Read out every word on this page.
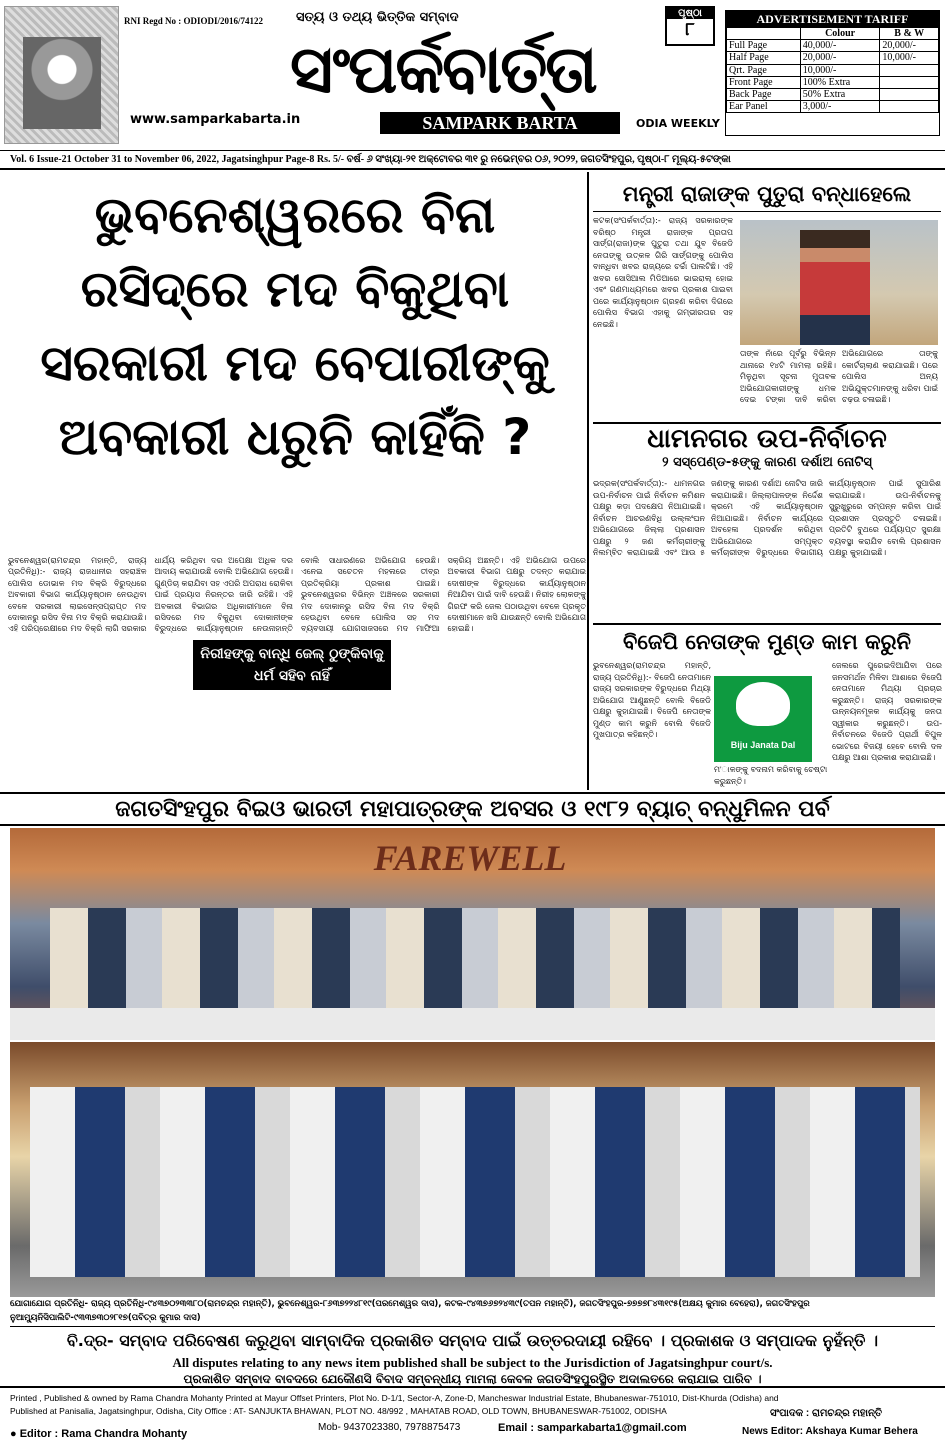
RNI Regd No : ODIODI/2016/74122	ସତ୍ୟ ଓ ତଥ୍ୟ ଭିତ୍ତିକ ସମ୍ବାଦ
ସଂପର୍କବାର୍ତ୍ତା
SAMPARK BARTA	ODIA WEEKLY
www.samparkabarta.in
ପୃଷ୍ଠା
୮	ADVERTISEMENT TARIFF
	Colour	B & W
Full Page	40,000/-	20,000/-
Half Page	20,000/-	10,000/-
Qrt. Page	10,000/-	
Front Page	100% Extra	
Back Page	50% Extra	
Ear Panel	3,000/-	
Vol. 6 Issue-21 October 31 to November 06, 2022, Jagatsinghpur Page-8 Rs. 5/- ବର୍ଷ- ୬ ସଂଖ୍ୟା-୨୧ ଅକ୍ଟୋବର ୩୧ ରୁ ନଭେମ୍ବର ୦୬, ୨୦୨୨, ଜଗତସିଂହପୁର, ପୃଷ୍ଠା-୮ ମୂଲ୍ୟ-୫ଟଙ୍କା
ଭୁବନେଶ୍ୱରରେ ବିନା ରସିଦ୍‌ରେ ମଦ ବିକୁଥିବା ସରକାରୀ ମଦ ବେପାରୀଙ୍କୁ ଅବକାରୀ ଧରୁନି କାହିଁକି ?
ଭୁବନେଶ୍ୱର(ରାମଚନ୍ଦ୍ର ମହାନ୍ତି, ରାଜ୍ୟ ପ୍ରତିନିଧି):- ରାଜ୍ୟ ରାଜଧାନୀର ସହରାଞ୍ଚଳ ପୋଲିସ ଡୋଭାଳ ମଦ ବିକ୍ରି ବିରୁଦ୍ଧରେ ଅବକାରୀ ବିଭାଗ କାର୍ଯ୍ୟାନୁଷ୍ଠାନ ନେଉଥିବା ବେଳେ ସରକାରୀ ଲାଇସେନ୍ସପ୍ରାପ୍ତ ମଦ ଦୋକାନରୁ ରସିଦ ବିନା ମଦ ବିକ୍ରି କରାଯାଉଛି। ଏହି ପରିପ୍ରେକ୍ଷୀରେ ମଦ ବିକ୍ରି ଲାଗି ସରକାର ଧାର୍ଯ୍ୟ କରିଥିବା ଦର ଅପେକ୍ଷା ଅଧିକ ଦର ଆଦାୟ କରାଯାଉଛି ବୋଲି ଅଭିଯୋଗ ହେଉଛି। ଗୁଣ୍ଡିଚା କରାଯିବା ସହ ଏପରି ଅପରାଧ ରୋକିବା ପାଇଁ ପ୍ରୟାସ ନିରନ୍ତର ଜାରି ରହିଛି। ଏହି ଅବକାରୀ ବିଭାଗର ଅଧିକାରୀମାନେ ବିନା ରସିଦରେ ମଦ ବିକୁଥିବା ଦୋକାନୀଙ୍କ ବିରୁଦ୍ଧରେ କାର୍ଯ୍ୟାନୁଷ୍ଠାନ ନେଉନାହାନ୍ତି ବୋଲି ସାଧାରଣରେ ଅଭିଯୋଗ ହେଉଛି। ଏନେଇ ସଚେତନ ମହଲରେ ତୀବ୍ର ପ୍ରତିକ୍ରିୟା ପ୍ରକାଶ ପାଇଛି। ଭୁବନେଶ୍ୱରର ବିଭିନ୍ନ ଅଞ୍ଚଳରେ ସରକାରୀ ମଦ ଦୋକାନରୁ ରସିଦ ବିନା ମଦ ବିକ୍ରି ହେଉଥିବା ବେଳେ ପୋଲିସ ସହ ମଦ ବ୍ୟବସାୟୀ ଯୋଗସାଜସରେ ମଦ ମାଫିଆ ସକ୍ରିୟ ଅଛନ୍ତି। ଏହି ଅଭିଯୋଗ ଉପରେ ଅବକାରୀ ବିଭାଗ ପକ୍ଷରୁ ତଦନ୍ତ କରାଯାଇ ଦୋଷୀଙ୍କ ବିରୁଦ୍ଧରେ କାର୍ଯ୍ୟାନୁଷ୍ଠାନ ନିଆଯିବା ପାଇଁ ଦାବି ହେଉଛି। ନିରୀହ ଲୋକଙ୍କୁ ଗିରଫ କରି ଜେଲ ପଠାଉଥିବା ବେଳେ ପ୍ରକୃତ ଦୋଷୀମାନେ ଖସି ଯାଉଛନ୍ତି ବୋଲି ଅଭିଯୋଗ ହୋଇଛି।
ନିରୀହଙ୍କୁ ବାନ୍ଧି ଜେଲ୍ ଠୁଙ୍କିବାକୁ ଧର୍ମ ସହିବ ନାହିଁ
ମନ୍ତ୍ରୀ ରାଜାଙ୍କ ପୁତୁରା ବନ୍ଧାହେଲେ
କଟକ(ସଂପର୍କବାର୍ତ୍ତା):- ରାଜ୍ୟ ସରକାରଙ୍କ ବରିଷ୍ଠ ମନ୍ତ୍ରୀ ରାଜାଙ୍କ ପ୍ରତାପ ସାର୍ଙ୍ଗ(ରାଜା)ଙ୍କ ପୁତୁରା ତଥା ଯୁବ ବିଜେଡି ନେତାଙ୍କୁ ଉତ୍କଳ ଗିରି ସାର୍ଙ୍ଗଙ୍କୁ ପୋଲିସ ବାନ୍ଧିବା ଖବର ରାଜ୍ୟରେ ଚର୍ଚ୍ଚା ପାଲଟିଛି। ଏହି ଖବର ସୋସିଆଲ ମିଡିଆରେ ଭାଇରାଲ୍ ହୋଇ ଏବଂ ଗଣମାଧ୍ୟମରେ ଖବର ପ୍ରକାଶ ପାଇବା ପରେ କାର୍ଯ୍ୟାନୁଷ୍ଠାନ ଗ୍ରହଣ କରିବା ଦିଗରେ ପୋଲିସ ବିଭାଗ ଏହାକୁ ଗମ୍ଭୀରତାର ସହ ନେଇଛି।
ତାଙ୍କ ନାଁରେ ପୂର୍ବରୁ ବିଭିନ୍ନ ଥାନାରେ ୧୪ଟି ମାମଲା ରହିଛି। ମିଳୁଥିବା ସୂଚନା ମୁତାବକ ଅଭିଯୋଗକାରୀଙ୍କୁ ଧମକ ଦେଇ ଟଙ୍କା ଦାବି କରିବା ଅଭିଯୋଗରେ ତାଙ୍କୁ କୋର୍ଟଚାଲାଣ କରାଯାଇଛି। ପରେ ପୋଲିସ ଅନ୍ୟ ଅଭିଯୁକ୍ତମାନଙ୍କୁ ଧରିବା ପାଇଁ ଚଢ଼ଉ ଚଳାଇଛି।
ଧାମନଗର ଉପ-ନିର୍ବାଚନ
୨ ସସ୍‌ପେଣ୍ଡ-୫ଙ୍କୁ କାରଣ ଦର୍ଶାଅ ନୋଟିସ୍
ଭଦ୍ରକ(ସଂପର୍କବାର୍ତ୍ତା):- ଧାମନଗର ଉପ-ନିର୍ବାଚନ ପାଇଁ ନିର୍ବାଚନ କମିଶନ ପକ୍ଷରୁ କଡ଼ା ପଦକ୍ଷେପ ନିଆଯାଇଛି। ନିର୍ବାଚନ ଆଚରଣବିଧି ଉଲ୍ଲଂଘନ ଅଭିଯୋଗରେ ଜିଲ୍ଲା ପ୍ରଶାସନ ପକ୍ଷରୁ ୨ ଜଣ କର୍ମଚାରୀଙ୍କୁ ନିଲମ୍ବିତ କରାଯାଇଛି ଏବଂ ଆଉ ୫ ଜଣଙ୍କୁ କାରଣ ଦର୍ଶାଅ ନୋଟିସ ଜାରି କରାଯାଇଛି। ଜିଲ୍ଲାପାଳଙ୍କ ନିର୍ଦ୍ଦେଶ କ୍ରମେ ଏହି କାର୍ଯ୍ୟାନୁଷ୍ଠାନ ନିଆଯାଇଛି। ନିର୍ବାଚନ କାର୍ଯ୍ୟରେ ଅବହେଳା ପ୍ରଦର୍ଶନ କରିଥିବା ଅଭିଯୋଗରେ ସମ୍ପୃକ୍ତ କର୍ମଚାରୀଙ୍କ ବିରୁଦ୍ଧରେ ବିଭାଗୀୟ କାର୍ଯ୍ୟାନୁଷ୍ଠାନ ପାଇଁ ସୁପାରିଶ କରାଯାଇଛି। ଉପ-ନିର୍ବାଚନକୁ ସୁରୁଖୁରୁରେ ସମ୍ପନ୍ନ କରିବା ପାଇଁ ପ୍ରଶାସନ ପ୍ରସ୍ତୁତି ଚଳାଇଛି। ପ୍ରତିଟି ବୁଥରେ ପର୍ଯ୍ୟାପ୍ତ ସୁରକ୍ଷା ବ୍ୟବସ୍ଥା କରାଯିବ ବୋଲି ପ୍ରଶାସନ ପକ୍ଷରୁ କୁହାଯାଇଛି।
ବିଜେପି ନେତାଙ୍କ ମୁଣ୍ଡ କାମ କରୁନି
ଭୁବନେଶ୍ୱର(ରାମଚନ୍ଦ୍ର ମହାନ୍ତି, ରାଜ୍ୟ ପ୍ରତିନିଧି):- ବିଜେପି ନେତାମାନେ ରାଜ୍ୟ ସରକାରଙ୍କ ବିରୁଦ୍ଧରେ ମିଥ୍ୟା ଅଭିଯୋଗ ଆଣୁଛନ୍ତି ବୋଲି ବିଜେଡି ପକ୍ଷରୁ କୁହାଯାଇଛି। ବିଜେପି ନେତାଙ୍କ ମୁଣ୍ଡ କାମ କରୁନି ବୋଲି ବିଜେଡି ମୁଖପାତ୍ର କହିଛନ୍ତି।
Biju Janata Dal
ମ'ାଳଙ୍କୁ ବଦନାମ କରିବାକୁ ଚେଷ୍ଟା କରୁଛନ୍ତି।
ଜେଲରେ ପୁରେଇଦିଆଯିବା ପରେ ଜନସମର୍ଥନ ମିଳିବା ଆଶାରେ ବିଜେପି ନେତାମାନେ ମିଥ୍ୟା ପ୍ରଚାର କରୁଛନ୍ତି। ରାଜ୍ୟ ସରକାରଙ୍କ ଉନ୍ନୟନମୂଳକ କାର୍ଯ୍ୟକୁ ଜନତା ସ୍ୱୀକାର କରୁଛନ୍ତି। ଉପ-ନିର୍ବାଚନରେ ବିଜେଡି ପ୍ରାର୍ଥୀ ବିପୁଳ ଭୋଟରେ ବିଜୟୀ ହେବେ ବୋଲି ଦଳ ପକ୍ଷରୁ ଆଶା ପ୍ରକାଶ କରାଯାଇଛି।
ଜଗତସିଂହପୁର ବିଇଓ ଭାରତୀ ମହାପାତ୍ରଙ୍କ ଅବସର ଓ ୧୯୮୨ ବ୍ୟାଚ୍ ବନ୍ଧୁମିଳନ ପର୍ବ
FAREWELL
ଯୋଗାଯୋଗ ପ୍ରତିନିଧି- ରାଜ୍ୟ ପ୍ରତିନିଧି-୯୪୩୭୦୨୩୩୮୦(ରାମଚନ୍ଦ୍ର ମହାନ୍ତି), ଭୁବନେଶ୍ୱର-୮୬୩୭୨୨୪୮୧୯(ପରମେଶ୍ୱର ଦାସ), କଟକ-୯୪୩୭୬୭୨୪୩୯(ତପନ ମହାନ୍ତି), ଜଗତସିଂହପୁର-୭୭୭୭୮୪୩୧୯୫(ଅକ୍ଷୟ କୁମାର ବେହେରା), ଜଗତସିଂହପୁର ନୁଆମ୍ୟୁନିସିପାଲିଟି-୯୩୩୭୩୦୨୮୧୭(ପବିତ୍ର କୁମାର ଦାସ)
ବି.ଦ୍ର- ସମ୍ବାଦ ପରିବେଷଣ କରୁଥିବା ସାମ୍ବାଦିକ ପ୍ରକାଶିତ ସମ୍ବାଦ ପାଇଁ ଉତ୍ତରଦାୟୀ ରହିବେ । ପ୍ରକାଶକ ଓ ସମ୍ପାଦକ ନୁହଁନ୍ତି ।
All disputes relating to any news item published shall be subject to the Jurisdiction of Jagatsinghpur court/s.
ପ୍ରକାଶିତ ସମ୍ବାଦ ବାବଦରେ ଯେକୌଣସି ବିବାଦ ସମ୍ବନ୍ଧୀୟ ମାମଲା କେବଳ ଜଗତସିଂହପୁରସ୍ଥିତ ଅଦାଲତରେ କରାଯାଇ ପାରିବ ।
Printed , Published & owned by Rama Chandra Mohanty Printed at Mayur Offset Printers, Plot No. D-1/1, Sector-A, Zone-D, Mancheswar Industrial Estate, Bhubaneswar-751010, Dist-Khurda (Odisha) and
Published at Panisalia, Jagatsinghpur, Odisha, City Office : AT- SANJUKTA BHAWAN, PLOT NO. 48/992 , MAHATAB ROAD, OLD TOWN, BHUBANESWAR-751002, ODISHA
● Editor : Rama Chandra Mohanty
Mob- 9437023380, 7978875473	Email : samparkabarta1@gmail.com
ସଂପାଦକ : ରାମଚନ୍ଦ୍ର ମହାନ୍ତି
News Editor: Akshaya Kumar Behera
